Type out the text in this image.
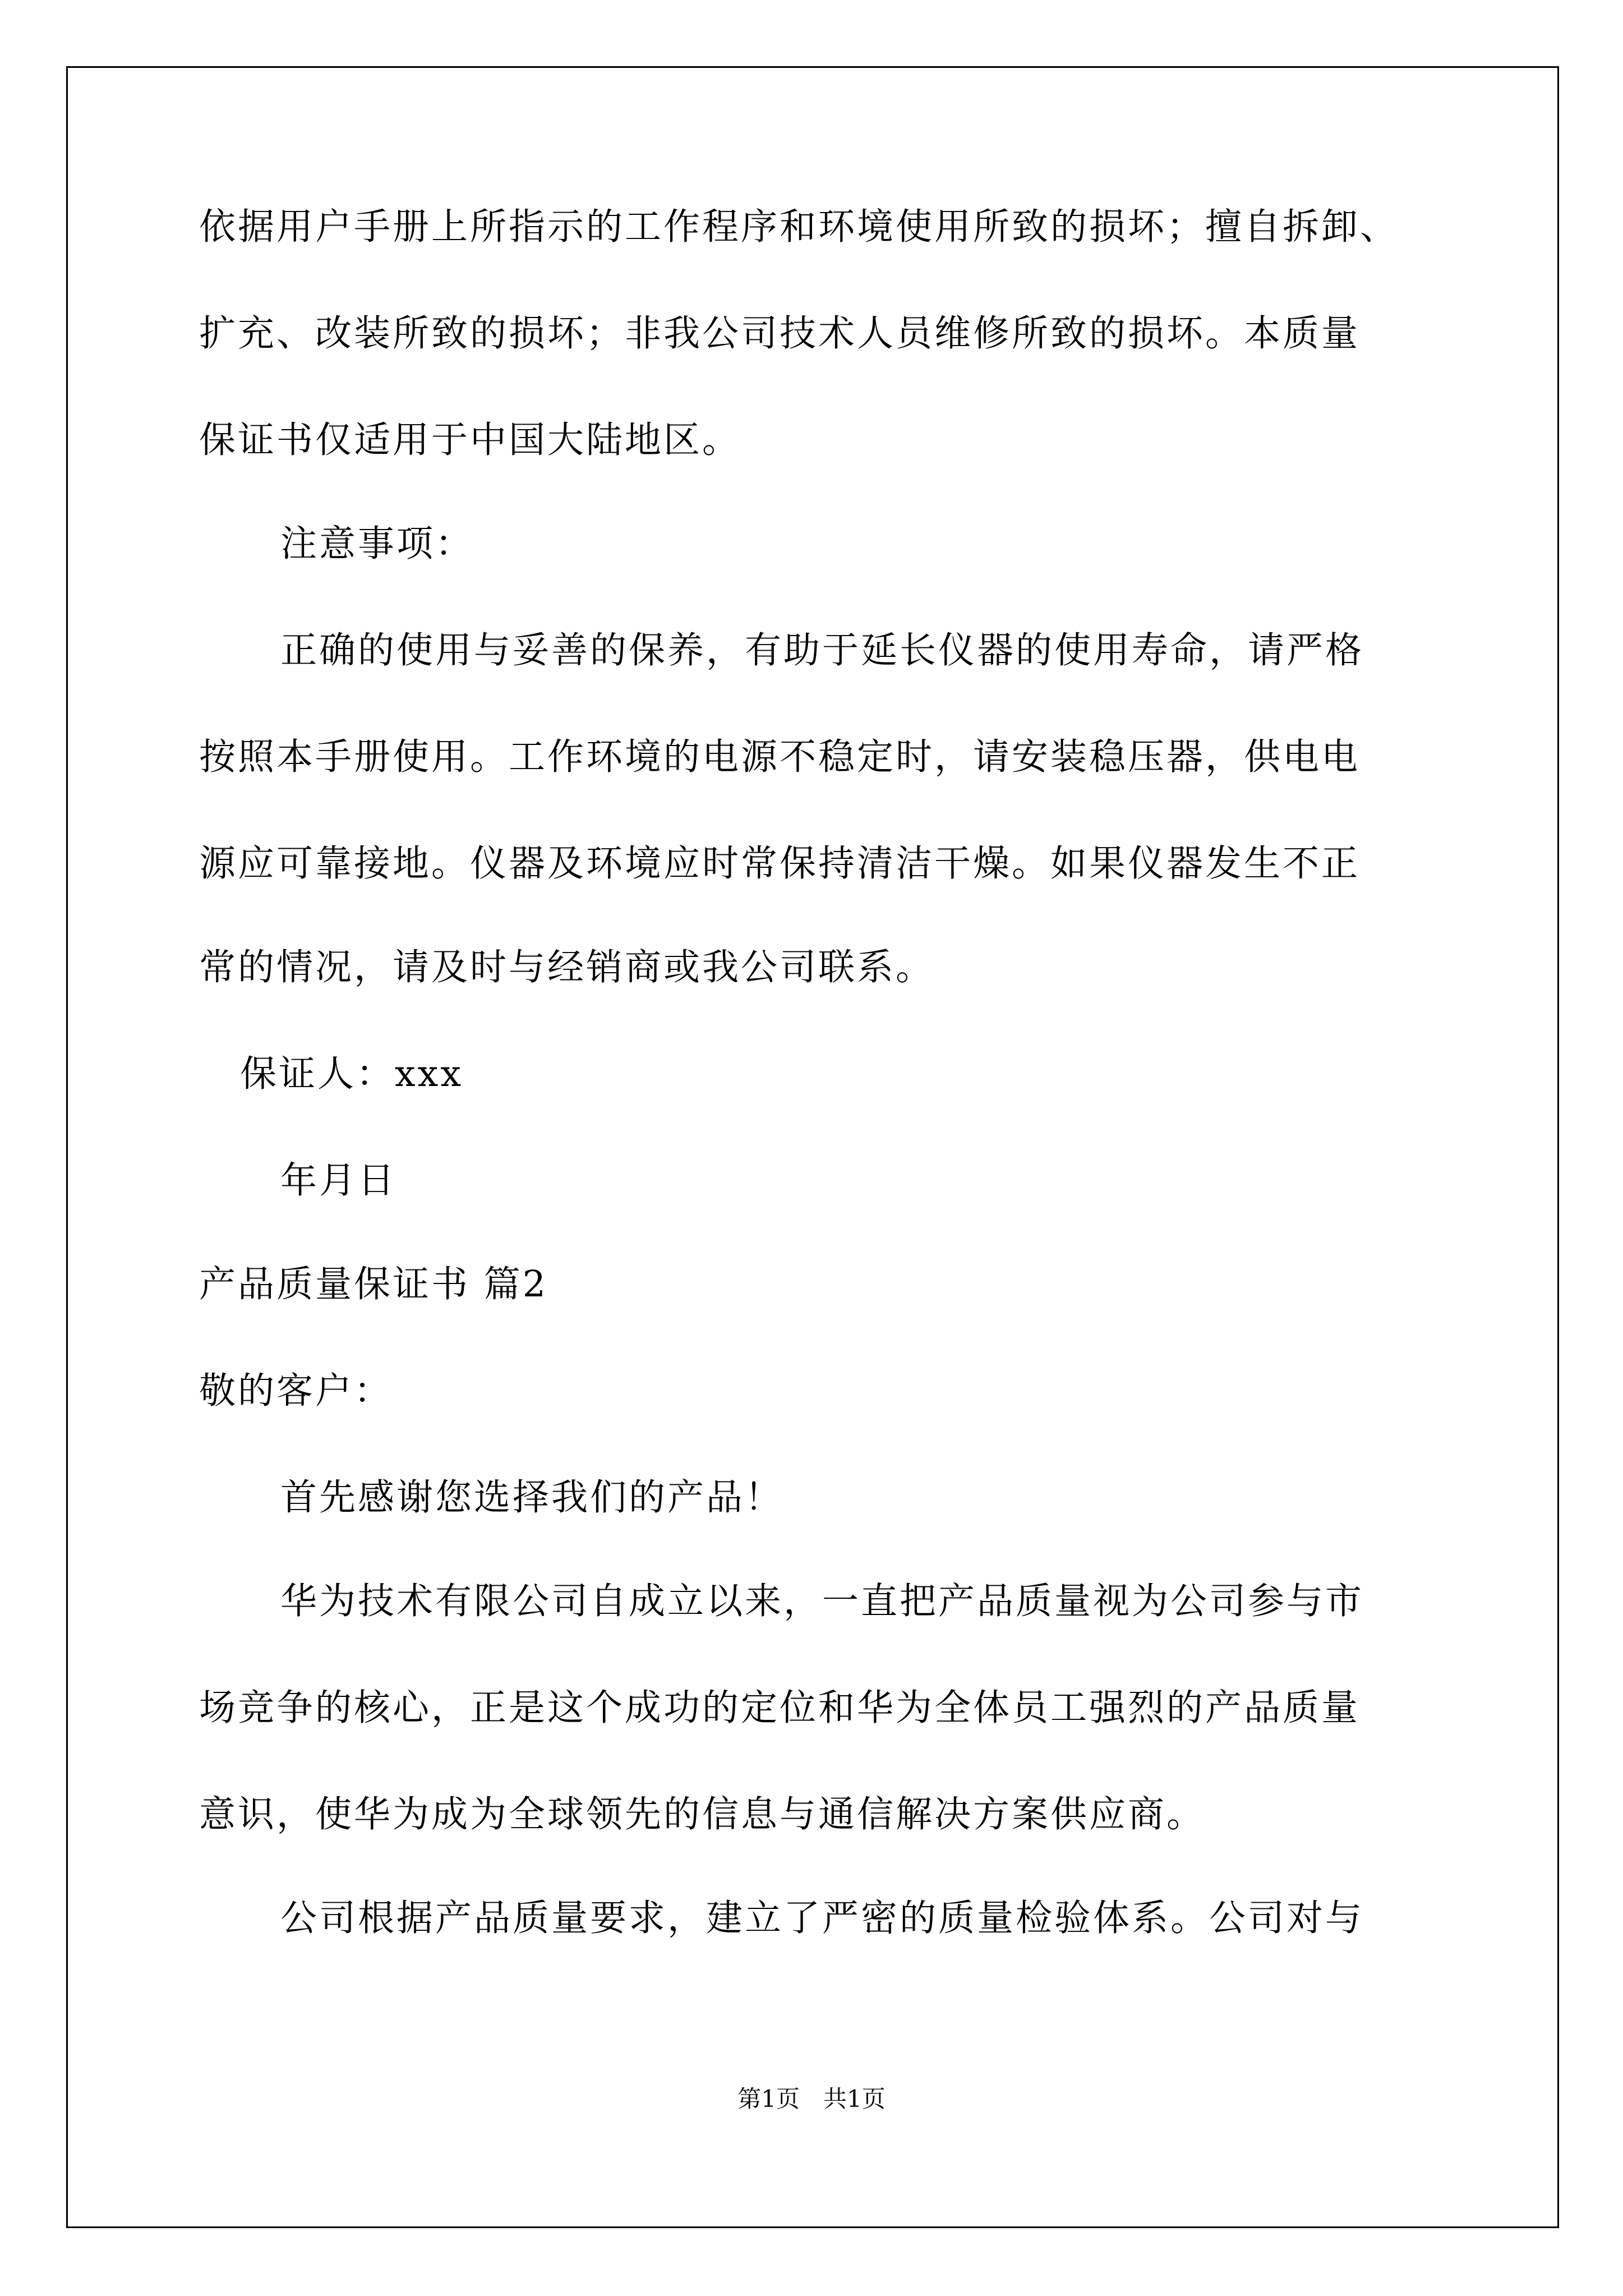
依据用户手册上所指示的工作程序和环境使用所致的损坏；擅自拆卸、
扩充、改装所致的损坏；非我公司技术人员维修所致的损坏。本质量
保证书仅适用于中国大陆地区。
注意事项：
正确的使用与妥善的保养，有助于延长仪器的使用寿命，请严格
按照本手册使用。工作环境的电源不稳定时，请安装稳压器，供电电
源应可靠接地。仪器及环境应时常保持清洁干燥。如果仪器发生不正
常的情况，请及时与经销商或我公司联系。
保证人：xxx
年月日
产品质量保证书 篇2
敬的客户：
首先感谢您选择我们的产品！
华为技术有限公司自成立以来，一直把产品质量视为公司参与市
场竞争的核心，正是这个成功的定位和华为全体员工强烈的产品质量
意识，使华为成为全球领先的信息与通信解决方案供应商。
公司根据产品质量要求，建立了严密的质量检验体系。公司对与
第1页　共1页
